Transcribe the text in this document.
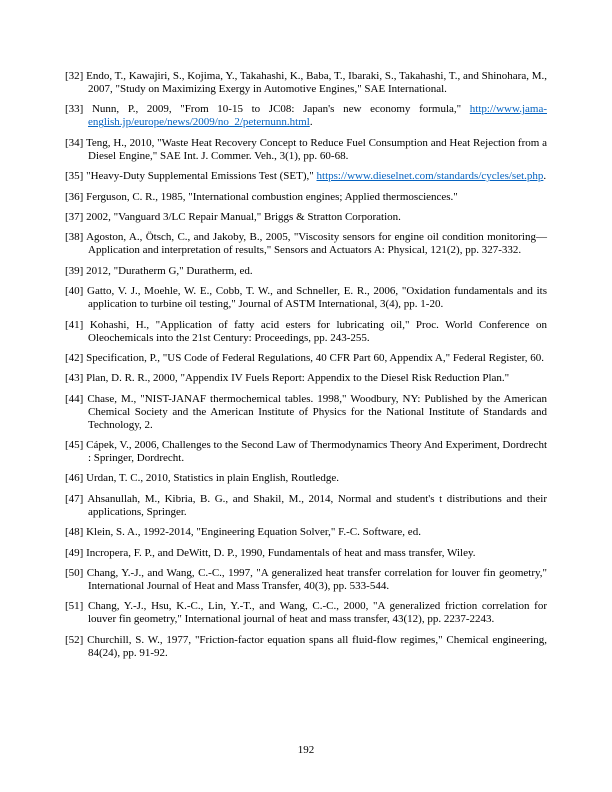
[32] Endo, T., Kawajiri, S., Kojima, Y., Takahashi, K., Baba, T., Ibaraki, S., Takahashi, T., and Shinohara, M., 2007, "Study on Maximizing Exergy in Automotive Engines," SAE International.

[33] Nunn, P., 2009, "From 10-15 to JC08: Japan's new economy formula," http://www.jama-english.jp/europe/news/2009/no_2/peternunn.html.

[34] Teng, H., 2010, "Waste Heat Recovery Concept to Reduce Fuel Consumption and Heat Rejection from a Diesel Engine," SAE Int. J. Commer. Veh., 3(1), pp. 60-68.

[35] "Heavy-Duty Supplemental Emissions Test (SET)," https://www.dieselnet.com/standards/cycles/set.php.

[36] Ferguson, C. R., 1985, "International combustion engines; Applied thermosciences."

[37] 2002, "Vanguard 3/LC Repair Manual," Briggs & Stratton Corporation.

[38] Agoston, A., Ötsch, C., and Jakoby, B., 2005, "Viscosity sensors for engine oil condition monitoring—Application and interpretation of results," Sensors and Actuators A: Physical, 121(2), pp. 327-332.

[39] 2012, "Duratherm G," Duratherm, ed.

[40] Gatto, V. J., Moehle, W. E., Cobb, T. W., and Schneller, E. R., 2006, "Oxidation fundamentals and its application to turbine oil testing," Journal of ASTM International, 3(4), pp. 1-20.

[41] Kohashi, H., "Application of fatty acid esters for lubricating oil," Proc. World Conference on Oleochemicals into the 21st Century: Proceedings, pp. 243-255.

[42] Specification, P., "US Code of Federal Regulations, 40 CFR Part 60, Appendix A," Federal Register, 60.

[43] Plan, D. R. R., 2000, "Appendix IV Fuels Report: Appendix to the Diesel Risk Reduction Plan."

[44] Chase, M., "NIST-JANAF thermochemical tables. 1998," Woodbury, NY: Published by the American Chemical Society and the American Institute of Physics for the National Institute of Standards and Technology, 2.

[45] Cápek, V., 2006, Challenges to the Second Law of Thermodynamics Theory And Experiment, Dordrecht : Springer, Dordrecht.

[46] Urdan, T. C., 2010, Statistics in plain English, Routledge.

[47] Ahsanullah, M., Kibria, B. G., and Shakil, M., 2014, Normal and student's t distributions and their applications, Springer.

[48] Klein, S. A., 1992-2014, "Engineering Equation Solver," F.-C. Software, ed.

[49] Incropera, F. P., and DeWitt, D. P., 1990, Fundamentals of heat and mass transfer, Wiley.

[50] Chang, Y.-J., and Wang, C.-C., 1997, "A generalized heat transfer correlation for louver fin geometry," International Journal of Heat and Mass Transfer, 40(3), pp. 533-544.

[51] Chang, Y.-J., Hsu, K.-C., Lin, Y.-T., and Wang, C.-C., 2000, "A generalized friction correlation for louver fin geometry," International journal of heat and mass transfer, 43(12), pp. 2237-2243.

[52] Churchill, S. W., 1977, "Friction-factor equation spans all fluid-flow regimes," Chemical engineering, 84(24), pp. 91-92.

192
